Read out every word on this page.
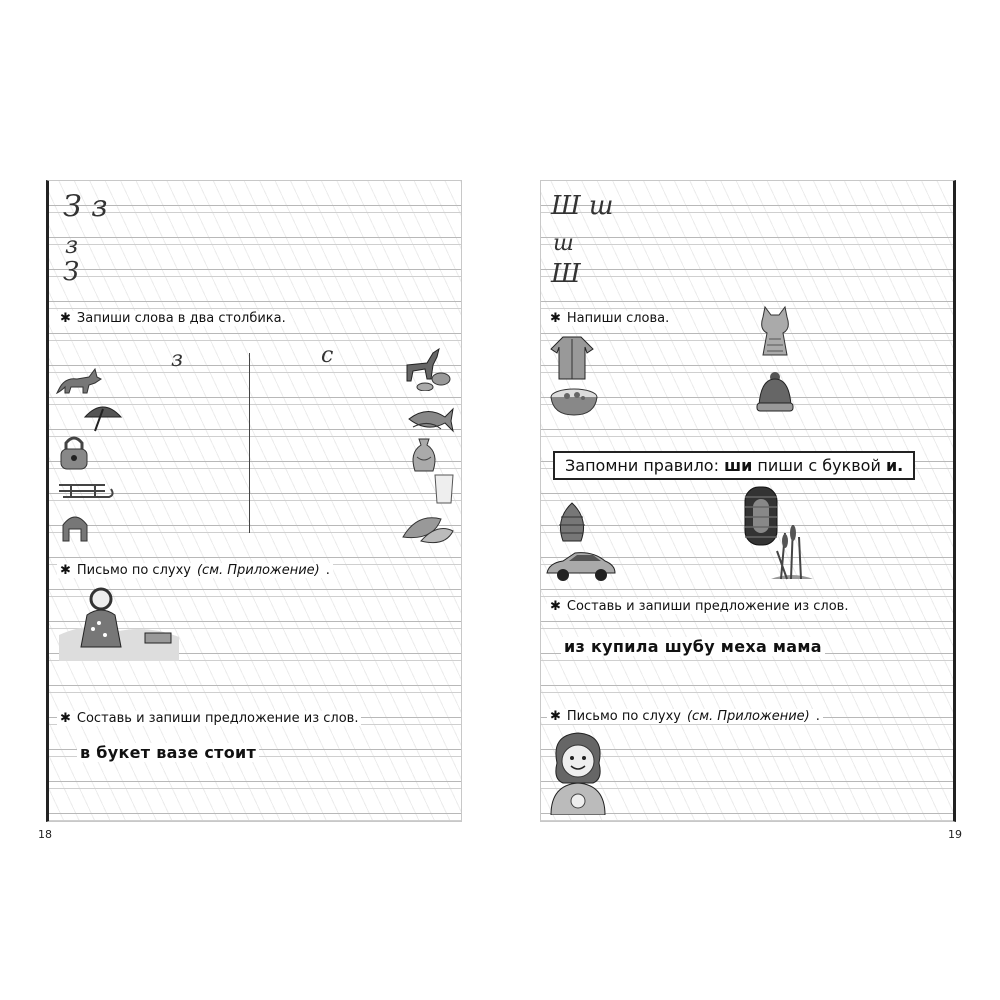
З з
з
З
✱ Запиши слова в два столбика.
з	с
✱ Письмо по слуху (см. Приложение) .
✱ Составь и запиши предложение из слов.
в букет вазе стоит
18
Ш ш
ш
Ш
✱ Напиши слова.
Запомни правило: ши пиши с буквой и.
✱ Составь и запиши предложение из слов.
из купила шубу меха мама
✱ Письмо по слуху (см. Приложение) .
19
